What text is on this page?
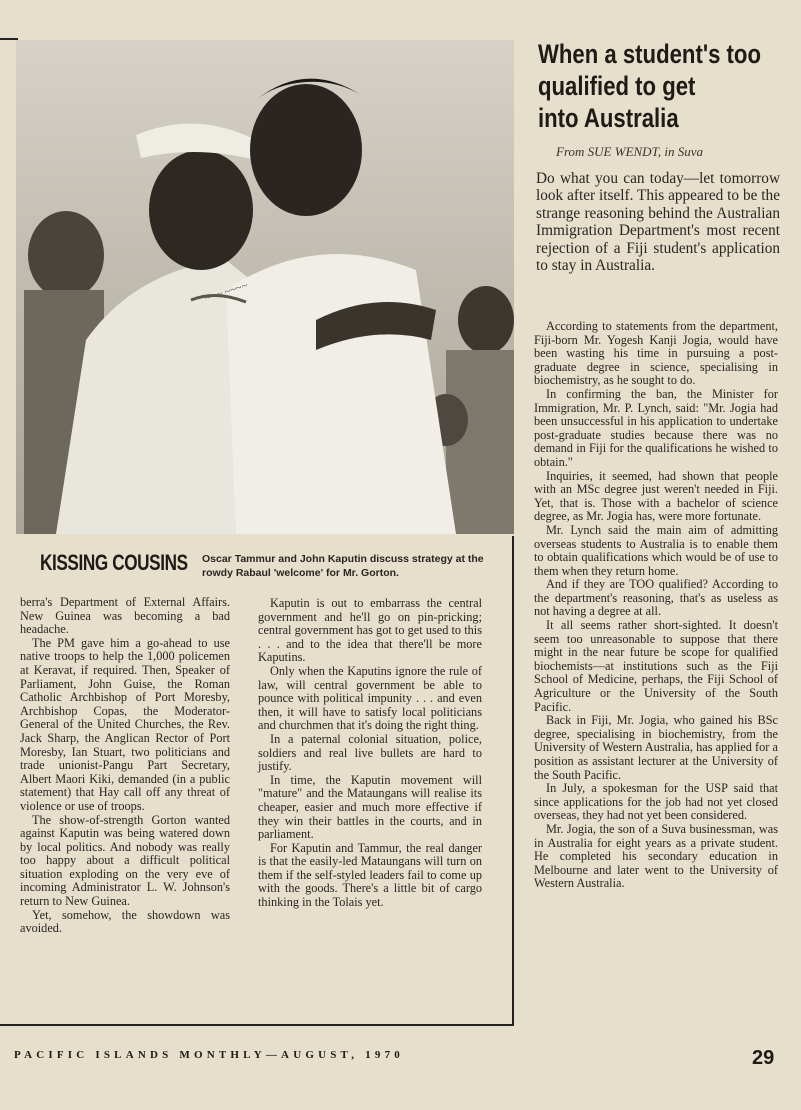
~~~ ~~~~
KISSING COUSINS Oscar Tammur and John Kaputin discuss strategy at the rowdy Rabaul 'welcome' for Mr. Gorton.

berra's Department of External Affairs. New Guinea was becoming a bad headache.

The PM gave him a go-ahead to use native troops to help the 1,000 policemen at Keravat, if required. Then, Speaker of Parliament, John Guise, the Roman Catholic Archbishop of Port Moresby, Archbishop Copas, the Moderator-General of the United Churches, the Rev. Jack Sharp, the Anglican Rector of Port Moresby, Ian Stuart, two politicians and trade unionist-Pangu Part Secretary, Albert Maori Kiki, demanded (in a public statement) that Hay call off any threat of violence or use of troops.

The show-of-strength Gorton wanted against Kaputin was being watered down by local politics. And nobody was really too happy about a difficult political situation exploding on the very eve of incoming Administrator L. W. Johnson's return to New Guinea.

Yet, somehow, the showdown was avoided.

Kaputin is out to embarrass the central government and he'll go on pin-pricking; central government has got to get used to this . . . and to the idea that there'll be more Kaputins.

Only when the Kaputins ignore the rule of law, will central government be able to pounce with political impunity . . . and even then, it will have to satisfy local politicians and churchmen that it's doing the right thing.

In a paternal colonial situation, police, soldiers and real live bullets are hard to justify.

In time, the Kaputin movement will "mature" and the Mataungans will realise its cheaper, easier and much more effective if they win their battles in the courts, and in parliament.

For Kaputin and Tammur, the real danger is that the easily-led Mataungans will turn on them if the self-styled leaders fail to come up with the goods. There's a little bit of cargo thinking in the Tolais yet.

When a student's too
qualified to get
into Australia
From SUE WENDT, in Suva
Do what you can today—let tomorrow look after itself. This appeared to be the strange reasoning behind the Australian Immigration Department's most recent rejection of a Fiji student's application to stay in Australia.

According to statements from the department, Fiji-born Mr. Yogesh Kanji Jogia, would have been wasting his time in pursuing a post-graduate degree in science, specialising in biochemistry, as he sought to do.

In confirming the ban, the Minister for Immigration, Mr. P. Lynch, said: "Mr. Jogia had been unsuccessful in his application to undertake post-graduate studies because there was no demand in Fiji for the qualifications he wished to obtain."

Inquiries, it seemed, had shown that people with an MSc degree just weren't needed in Fiji. Yet, that is. Those with a bachelor of science degree, as Mr. Jogia has, were more fortunate.

Mr. Lynch said the main aim of admitting overseas students to Australia is to enable them to obtain qualifications which would be of use to them when they return home.

And if they are TOO qualified? According to the department's reasoning, that's as useless as not having a degree at all.

It all seems rather short-sighted. It doesn't seem too unreasonable to suppose that there might in the near future be scope for qualified biochemists—at institutions such as the Fiji School of Medicine, perhaps, the Fiji School of Agriculture or the University of the South Pacific.

Back in Fiji, Mr. Jogia, who gained his BSc degree, specialising in biochemistry, from the University of Western Australia, has applied for a position as assistant lecturer at the University of the South Pacific.

In July, a spokesman for the USP said that since applications for the job had not yet closed overseas, they had not yet been considered.

Mr. Jogia, the son of a Suva businessman, was in Australia for eight years as a private student. He completed his secondary education in Melbourne and later went to the University of Western Australia.

PACIFIC ISLANDS MONTHLY—AUGUST, 1970	29
